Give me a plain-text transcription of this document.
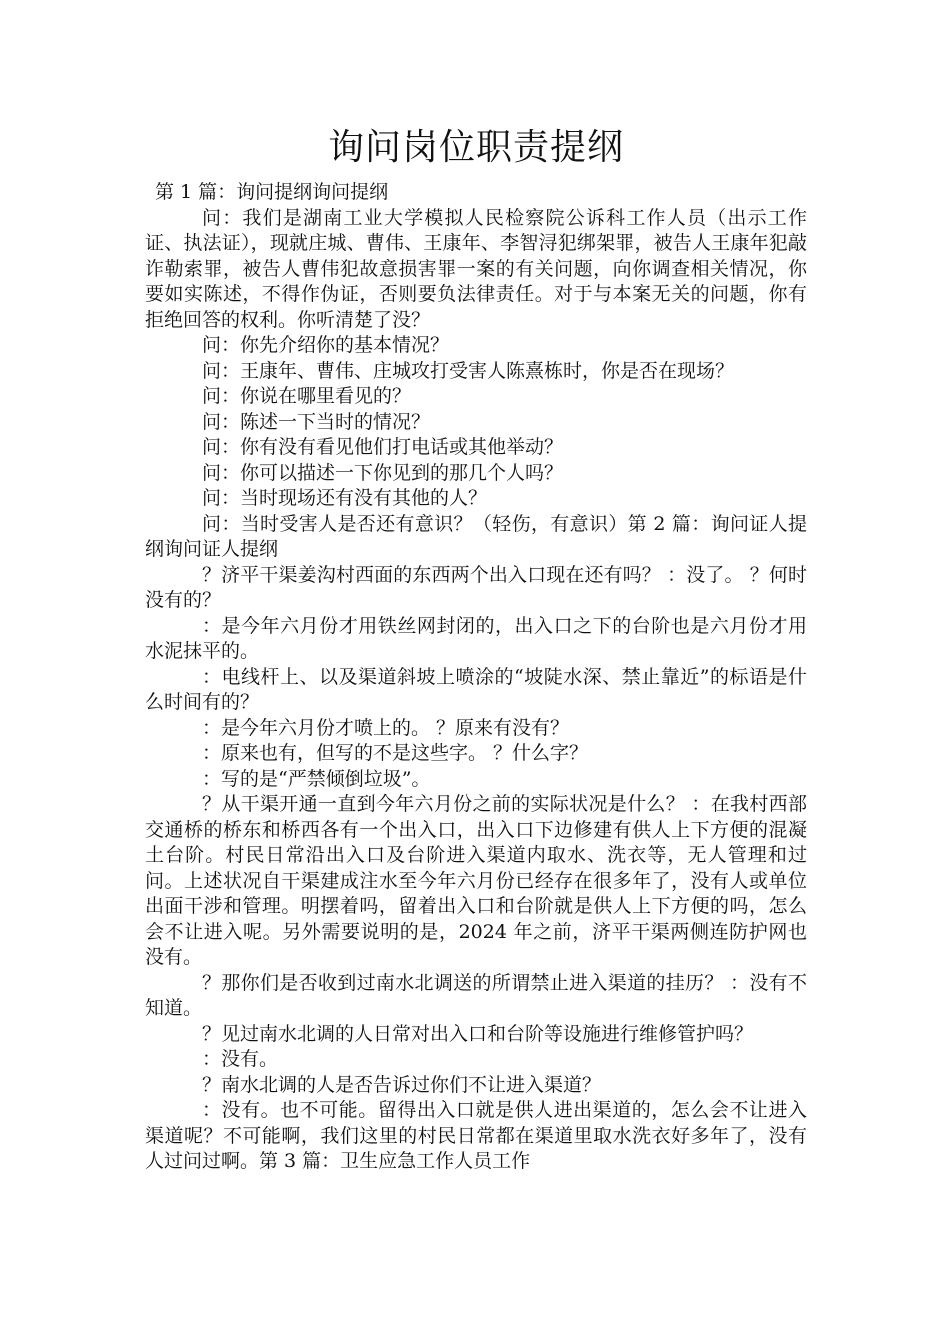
询问岗位职责提纲

第 1 篇：询问提纲询问提纲

问：我们是湖南工业大学模拟人民检察院公诉科工作人员（出示工作证、执法证），现就庄城、曹伟、王康年、李智浔犯绑架罪，被告人王康年犯敲诈勒索罪，被告人曹伟犯故意损害罪一案的有关问题，向你调查相关情况，你要如实陈述，不得作伪证，否则要负法律责任。对于与本案无关的问题，你有拒绝回答的权利。你听清楚了没？

问：你先介绍你的基本情况？

问：王康年、曹伟、庄城攻打受害人陈熹栋时，你是否在现场？

问：你说在哪里看见的？

问：陈述一下当时的情况？

问：你有没有看见他们打电话或其他举动？

问：你可以描述一下你见到的那几个人吗？

问：当时现场还有没有其他的人？

问：当时受害人是否还有意识？（轻伤，有意识）第 2 篇：询问证人提纲询问证人提纲

？济平干渠姜沟村西面的东西两个出入口现在还有吗？ ：没了。 ？何时没有的？

：是今年六月份才用铁丝网封闭的，出入口之下的台阶也是六月份才用水泥抹平的。

：电线杆上、以及渠道斜坡上喷涂的“坡陡水深、禁止靠近”的标语是什么时间有的？

：是今年六月份才喷上的。 ？原来有没有？

：原来也有，但写的不是这些字。 ？什么字？

：写的是“严禁倾倒垃圾”。

？从干渠开通一直到今年六月份之前的实际状况是什么？ ：在我村西部交通桥的桥东和桥西各有一个出入口，出入口下边修建有供人上下方便的混凝土台阶。村民日常沿出入口及台阶进入渠道内取水、洗衣等，无人管理和过问。上述状况自干渠建成注水至今年六月份已经存在很多年了，没有人或单位出面干涉和管理。明摆着吗，留着出入口和台阶就是供人上下方便的吗，怎么会不让进入呢。另外需要说明的是，2024 年之前，济平干渠两侧连防护网也没有。

？那你们是否收到过南水北调送的所谓禁止进入渠道的挂历？ ：没有不知道。

？见过南水北调的人日常对出入口和台阶等设施进行维修管护吗？

：没有。

？南水北调的人是否告诉过你们不让进入渠道？

：没有。也不可能。留得出入口就是供人进出渠道的，怎么会不让进入渠道呢？不可能啊，我们这里的村民日常都在渠道里取水洗衣好多年了，没有人过问过啊。第 3 篇：卫生应急工作人员工作
